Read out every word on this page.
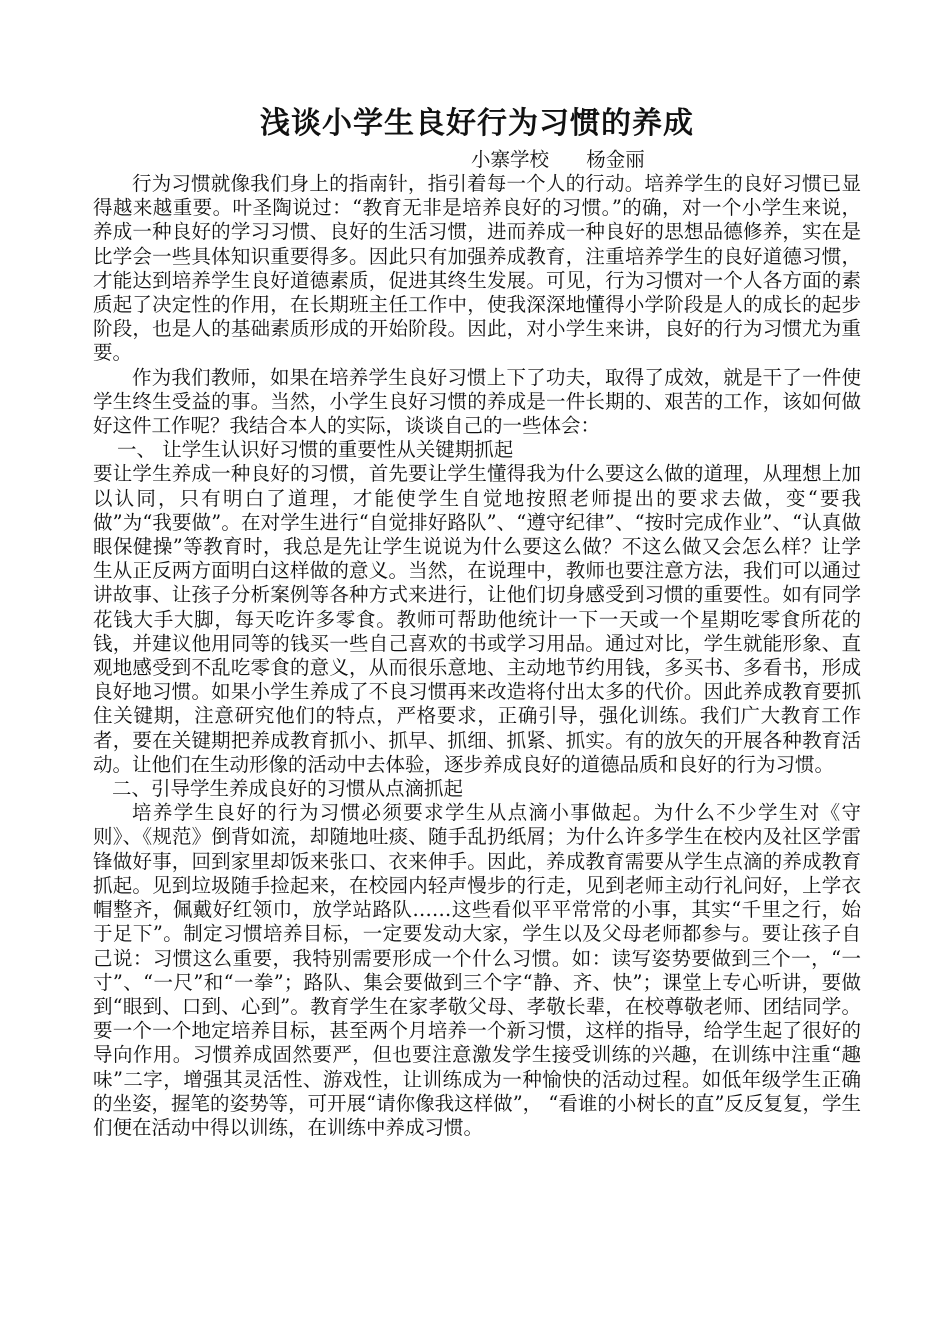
浅谈小学生良好行为习惯的养成

小寨学校      杨金丽

行为习惯就像我们身上的指南针，指引着每一个人的行动。培养学生的良好习惯已显得越来越重要。叶圣陶说过：“教育无非是培养良好的习惯。”的确，对一个小学生来说，养成一种良好的学习习惯、良好的生活习惯，进而养成一种良好的思想品德修养，实在是比学会一些具体知识重要得多。因此只有加强养成教育，注重培养学生的良好道德习惯，才能达到培养学生良好道德素质，促进其终生发展。可见，行为习惯对一个人各方面的素质起了决定性的作用，在长期班主任工作中，使我深深地懂得小学阶段是人的成长的起步阶段，也是人的基础素质形成的开始阶段。因此，对小学生来讲，良好的行为习惯尤为重要。

作为我们教师，如果在培养学生良好习惯上下了功夫，取得了成效，就是干了一件使学生终生受益的事。当然，小学生良好习惯的养成是一件长期的、艰苦的工作，该如何做好这件工作呢？我结合本人的实际，谈谈自己的一些体会：

一、 让学生认识好习惯的重要性从关键期抓起

要让学生养成一种良好的习惯，首先要让学生懂得我为什么要这么做的道理，从理想上加以认同，只有明白了道理，才能使学生自觉地按照老师提出的要求去做，变“要我做”为“我要做”。在对学生进行“自觉排好路队”、“遵守纪律”、“按时完成作业”、“认真做眼保健操”等教育时，我总是先让学生说说为什么要这么做？不这么做又会怎么样？让学生从正反两方面明白这样做的意义。当然，在说理中，教师也要注意方法，我们可以通过讲故事、让孩子分析案例等各种方式来进行，让他们切身感受到习惯的重要性。如有同学花钱大手大脚，每天吃许多零食。教师可帮助他统计一下一天或一个星期吃零食所花的钱，并建议他用同等的钱买一些自己喜欢的书或学习用品。通过对比，学生就能形象、直观地感受到不乱吃零食的意义，从而很乐意地、主动地节约用钱，多买书、多看书，形成良好地习惯。如果小学生养成了不良习惯再来改造将付出太多的代价。因此养成教育要抓住关键期，注意研究他们的特点，严格要求，正确引导，强化训练。我们广大教育工作者，要在关键期把养成教育抓小、抓早、抓细、抓紧、抓实。有的放矢的开展各种教育活动。让他们在生动形像的活动中去体验，逐步养成良好的道德品质和良好的行为习惯。

二、引导学生养成良好的习惯从点滴抓起

培养学生良好的行为习惯必须要求学生从点滴小事做起。为什么不少学生对《守则》、《规范》倒背如流，却随地吐痰、随手乱扔纸屑；为什么许多学生在校内及社区学雷锋做好事，回到家里却饭来张口、衣来伸手。因此，养成教育需要从学生点滴的养成教育抓起。见到垃圾随手捡起来，在校园内轻声慢步的行走，见到老师主动行礼问好，上学衣帽整齐，佩戴好红领巾，放学站路队……这些看似平平常常的小事，其实“千里之行，始于足下”。制定习惯培养目标，一定要发动大家，学生以及父母老师都参与。要让孩子自己说：习惯这么重要，我特别需要形成一个什么习惯。如：读写姿势要做到三个一，“一寸”、“一尺”和“一拳”；路队、集会要做到三个字“静、齐、快”；课堂上专心听讲，要做到“眼到、口到、心到”。教育学生在家孝敬父母、孝敬长辈，在校尊敬老师、团结同学。要一个一个地定培养目标，甚至两个月培养一个新习惯，这样的指导，给学生起了很好的导向作用。习惯养成固然要严，但也要注意激发学生接受训练的兴趣，在训练中注重“趣味”二字，增强其灵活性、游戏性，让训练成为一种愉快的活动过程。如低年级学生正确的坐姿，握笔的姿势等，可开展“请你像我这样做”， “看谁的小树长的直”反反复复，学生们便在活动中得以训练，在训练中养成习惯。
